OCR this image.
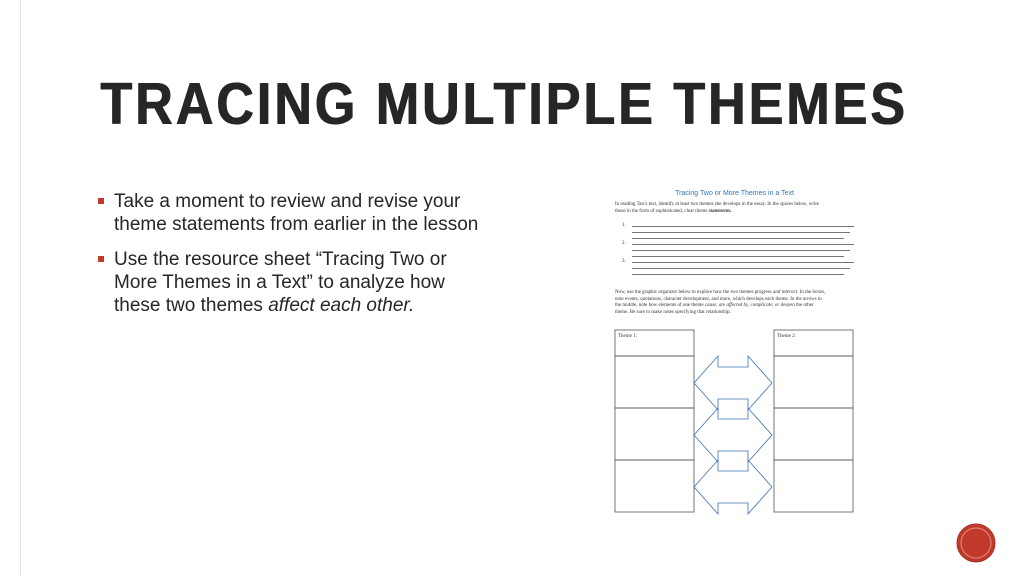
TRACING MULTIPLE THEMES
Take a moment to review and revise your theme statements from earlier in the lesson
Use the resource sheet “Tracing Two or More Themes in a Text” to analyze how these two themes affect each other.
Tracing Two or More Themes in a Text

In reading Tan’s text, identify at least two themes she develops in the essay. In the spaces below, write
those in the form of sophisticated, clear theme statements.

1.
2.
3.

Now, use the graphic organizer below to explore how the two themes progress and interact. In the boxes,
note events, quotations, character development, and more, which develops each theme. In the arrows in
the middle, note how elements of one theme cause, are affected by, complicate, or deepen the other
theme. Be sure to make notes specifying that relationship.

Theme 1:	Theme 2:
